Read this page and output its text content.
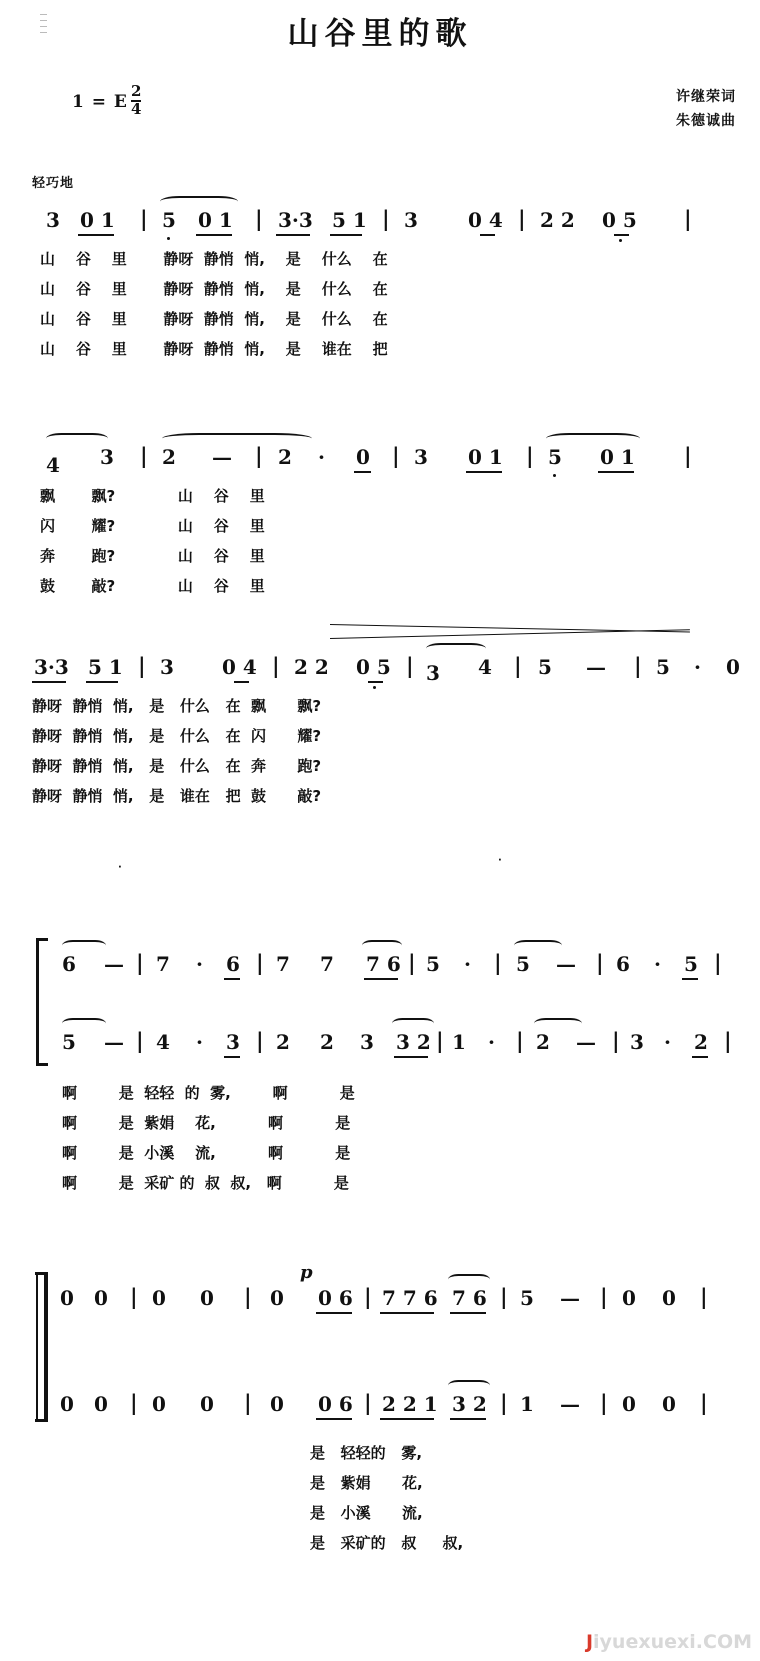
山谷里的歌
1 = E $\frac{2}{4}$	许继荣词
朱德诚曲
轻巧地
3 0 1 | 5 0 1 | 3·3 5 1 | 3	0 4 | 2 2 0 5 |
山    谷    里       静呀  静悄  悄,    是    什么    在
山    谷    里       静呀  静悄  悄,    是    什么    在
山    谷    里       静呀  静悄  悄,    是    什么    在
山    谷    里       静呀  静悄  悄,    是    谁在    把
4 3 | 2 — | 2 · 0 | 3 0 1 | 5 0 1 |
飘       飘?            山    谷    里
闪       耀?            山    谷    里
奔       跑?            山    谷    里
鼓       敲?            山    谷    里
3·3 5 1 | 3 0 4 | 2 2 0 5 | 3 4 | 5 — | 5 · 0
静呀  静悄  悄,   是   什么   在  飘      飘?
静呀  静悄  悄,   是   什么   在  闪      耀?
静呀  静悄  悄,   是   什么   在  奔      跑?
静呀  静悄  悄,   是   谁在   把  鼓      敲?
·
·
6 — | 7 · 6 | 7 7 7 6 | 5 · | 5 — | 6 · 5 |
5 — | 4 · 3 | 2 2 3 3 2 | 1 · | 2 — | 3 · 2 |
啊        是  轻轻  的  雾,        啊          是
啊        是  紫娟    花,          啊          是
啊        是  小溪    流,          啊          是
啊        是  采矿 的  叔  叔,   啊          是
p
0 0 | 0 0 | 0 0 6 | 7 7 6 7 6 | 5 — | 0 0 |
0 0 | 0 0 | 0 0 6 | 2 2 1 3 2 | 1 — | 0 0 |
是   轻轻的   雾,
是   紫娟      花,
是   小溪      流,
是   采矿的   叔     叔,
Jiyuexuexi.COM
